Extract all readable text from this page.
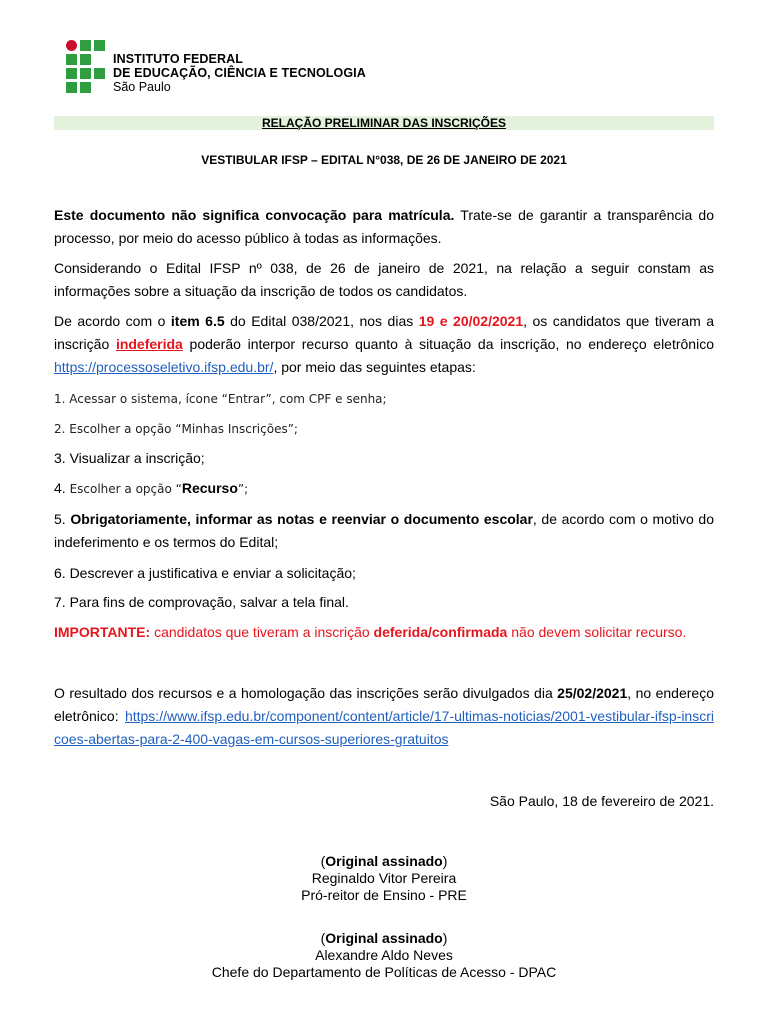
INSTITUTO FEDERAL
DE EDUCAÇÃO, CIÊNCIA E TECNOLOGIA
São Paulo
RELAÇÃO PRELIMINAR DAS INSCRIÇÕES
VESTIBULAR IFSP – EDITAL N°038, DE 26 DE JANEIRO DE 2021
Este documento não significa convocação para matrícula. Trate-se de garantir a transparência do processo, por meio do acesso público à todas as informações.
Considerando o Edital IFSP nº 038, de 26 de janeiro de 2021, na relação a seguir constam as informações sobre a situação da inscrição de todos os candidatos.
De acordo com o item 6.5 do Edital 038/2021, nos dias 19 e 20/02/2021, os candidatos que tiveram a inscrição indeferida poderão interpor recurso quanto à situação da inscrição, no endereço eletrônico https://processoseletivo.ifsp.edu.br/, por meio das seguintes etapas:
1. Acessar o sistema, ícone “Entrar”, com CPF e senha;
2. Escolher a opção “Minhas Inscrições”;
3. Visualizar a inscrição;
4. Escolher a opção “Recurso”;
5. Obrigatoriamente, informar as notas e reenviar o documento escolar, de acordo com o motivo do indeferimento e os termos do Edital;
6. Descrever a justificativa e enviar a solicitação;
7. Para fins de comprovação, salvar a tela final.
IMPORTANTE: candidatos que tiveram a inscrição deferida/confirmada não devem solicitar recurso.
O resultado dos recursos e a homologação das inscrições serão divulgados dia 25/02/2021, no endereço eletrônico: https://www.ifsp.edu.br/component/content/article/17-ultimas-noticias/2001-vestibular-ifsp-inscricoes-abertas-para-2-400-vagas-em-cursos-superiores-gratuitos
São Paulo, 18 de fevereiro de 2021.
(Original assinado)
Reginaldo Vitor Pereira
Pró-reitor de Ensino - PRE
(Original assinado)
Alexandre Aldo Neves
Chefe do Departamento de Políticas de Acesso - DPAC
